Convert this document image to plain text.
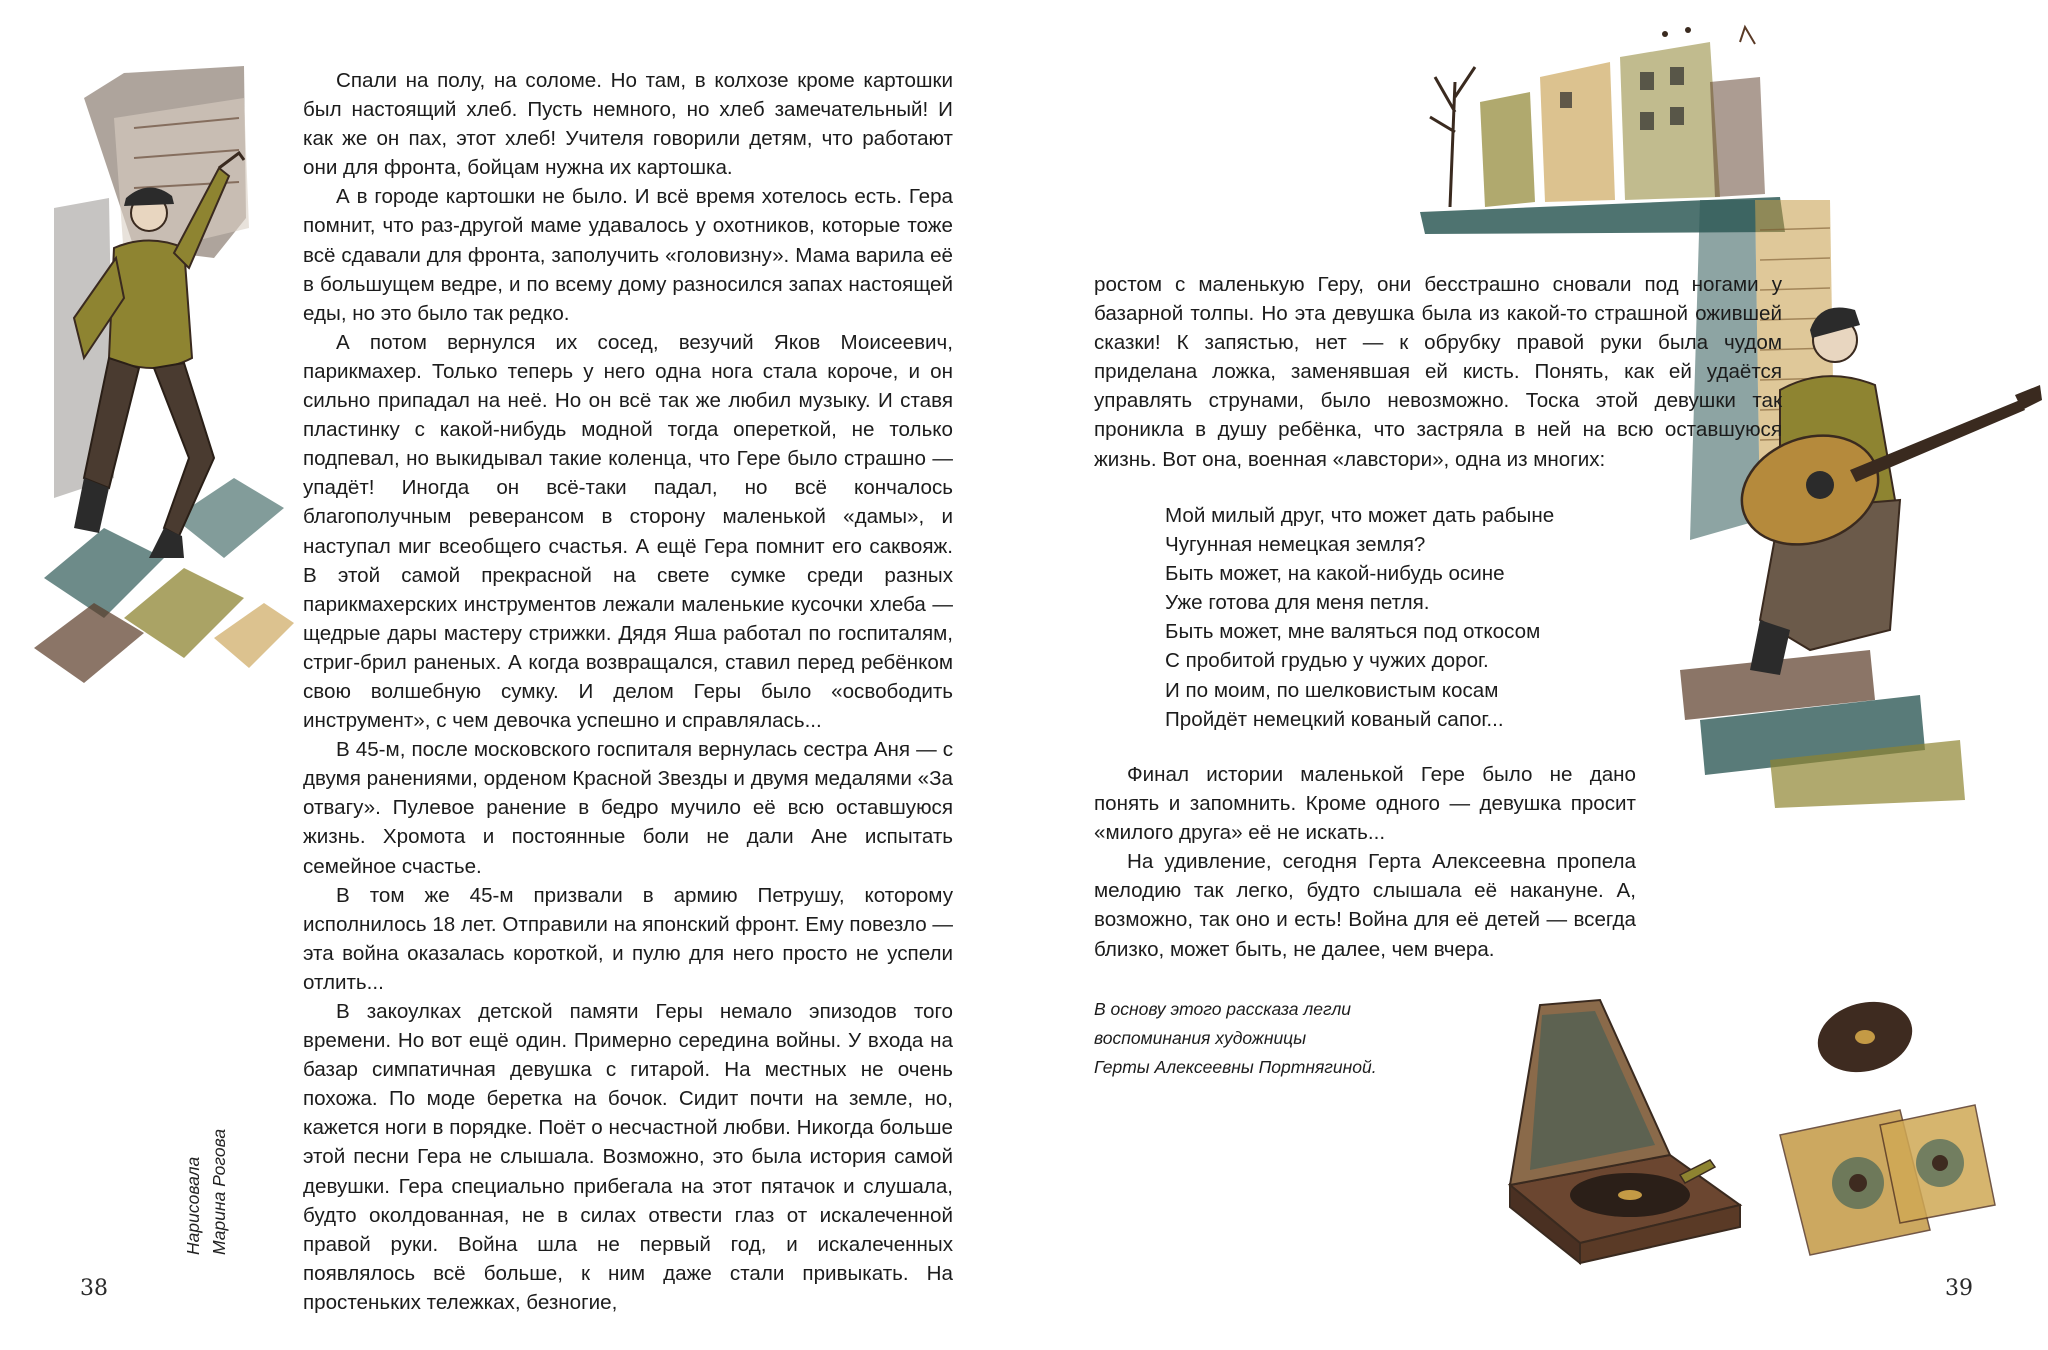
Спали на полу, на соломе. Но там, в колхозе кроме картошки был настоящий хлеб. Пусть немного, но хлеб замечательный! И как же он пах, этот хлеб! Учителя говорили детям, что работают они для фронта, бойцам нужна их картошка.

А в городе картошки не было. И всё время хотелось есть. Гера помнит, что раз-другой маме удавалось у охотников, которые тоже всё сдавали для фронта, заполучить «головизну». Мама варила её в большущем ведре, и по всему дому разносился запах настоящей еды, но это было так редко.

А потом вернулся их сосед, везучий Яков Моисеевич, парикмахер. Только теперь у него одна нога стала короче, и он сильно припадал на неё. Но он всё так же любил музыку. И ставя пластинку с какой-нибудь модной тогда опереткой, не только подпевал, но выкидывал такие коленца, что Гере было страшно — упадёт! Иногда он всё-таки падал, но всё кончалось благополучным реверансом в сторону маленькой «дамы», и наступал миг всеобщего счастья. А ещё Гера помнит его саквояж. В этой самой прекрасной на свете сумке среди разных парикмахерских инструментов лежали маленькие кусочки хлеба — щедрые дары мастеру стрижки. Дядя Яша работал по госпиталям, стриг-брил раненых. А когда возвращался, ставил перед ребёнком свою волшебную сумку. И делом Геры было «освободить инструмент», с чем девочка успешно и справлялась...

В 45-м, после московского госпиталя вернулась сестра Аня — с двумя ранениями, орденом Красной Звезды и двумя медалями «За отвагу». Пулевое ранение в бедро мучило её всю оставшуюся жизнь. Хромота и постоянные боли не дали Ане испытать семейное счастье.

В том же 45-м призвали в армию Петрушу, которому исполнилось 18 лет. Отправили на японский фронт. Ему повезло — эта война оказалась короткой, и пулю для него просто не успели отлить...

В закоулках детской памяти Геры немало эпизодов того времени. Но вот ещё один. Примерно середина войны. У входа на базар симпатичная девушка с гитарой. На местных не очень похожа. По моде беретка на бочок. Сидит почти на земле, но, кажется ноги в порядке. Поёт о несчастной любви. Никогда больше этой песни Гера не слышала. Возможно, это была история самой девушки. Гера специально прибегала на этот пятачок и слушала, будто околдованная, не в силах отвести глаз от искалеченной правой руки. Война шла не первый год, и искалеченных появлялось всё больше, к ним даже стали привыкать. На простеньких тележках, безногие,

Нарисовала Марина Рогова
38

ростом с маленькую Геру, они бесстрашно сновали под ногами у базарной толпы. Но эта девушка была из какой-то страшной ожившей сказки! К запястью, нет — к обрубку правой руки была чудом приделана ложка, заменявшая ей кисть. Понять, как ей удаётся управлять струнами, было невозможно. Тоска этой девушки так проникла в душу ребёнка, что застряла в ней на всю оставшуюся жизнь. Вот она, военная «лавстори», одна из многих:

Мой милый друг, что может дать рабыне
Чугунная немецкая земля?
Быть может, на какой-нибудь осине
Уже готова для меня петля.
Быть может, мне валяться под откосом
С пробитой грудью у чужих дорог.
И по моим, по шелковистым косам
Пройдёт немецкий кованый сапог...

Финал истории маленькой Гере было не дано понять и запомнить. Кроме одного — девушка просит «милого друга» её не искать...

На удивление, сегодня Герта Алексеевна пропела мелодию так легко, будто слышала её накануне. А, возможно, так оно и есть! Война для её детей — всегда близко, может быть, не далее, чем вчера.

В основу этого рассказа легли
воспоминания художницы
Герты Алексеевны Портнягиной.
39
